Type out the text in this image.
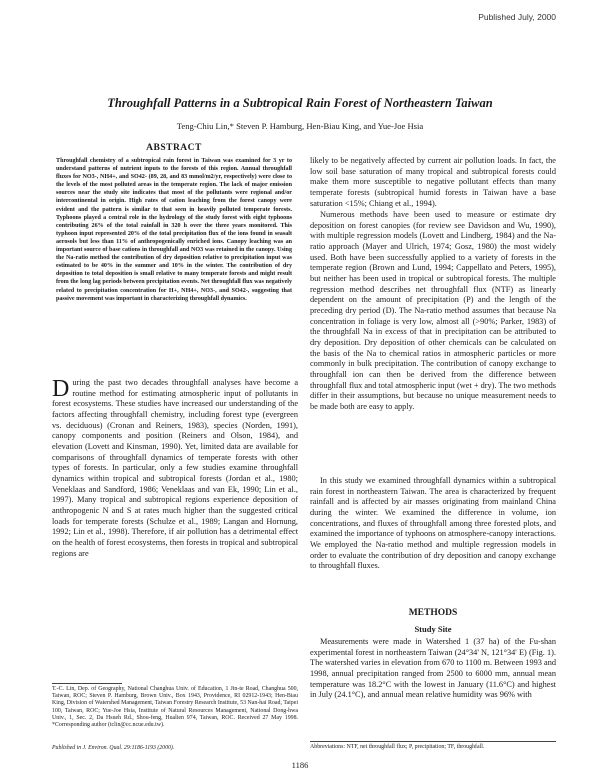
Published July, 2000
Throughfall Patterns in a Subtropical Rain Forest of Northeastern Taiwan
Teng-Chiu Lin,* Steven P. Hamburg, Hen-Biau King, and Yue-Joe Hsia
ABSTRACT

Throughfall chemistry of a subtropical rain forest in Taiwan was examined for 3 yr to understand patterns of nutrient inputs to the forests of this region. Annual throughfall fluxes for NO3-, NH4+, and SO42- (89, 28, and 83 mmol/m2/yr, respectively) were close to the levels of the most polluted areas in the temperate region. The lack of major emission sources near the study site indicates that most of the pollutants were regional and/or intercontinental in origin. High rates of cation leaching from the forest canopy were evident and the pattern is similar to that seen in heavily polluted temperate forests. Typhoons played a central role in the hydrology of the study forest with eight typhoons contributing 26% of the total rainfall in 320 h over the three years monitored. This typhoon input represented 20% of the total precipitation flux of the ions found in seasalt aerosols but less than 11% of anthropogenically enriched ions. Canopy leaching was an important source of base cations in throughfall and NO3 was retained in the canopy. Using the Na-ratio method the contribution of dry deposition relative to precipitation input was estimated to be 40% in the summer and 10% in the winter. The contribution of dry deposition to total deposition is small relative to many temperate forests and might result from the long lag periods between precipitation events. Net throughfall flux was negatively related to precipitation concentration for H+, NH4+, NO3-, and SO42-, suggesting that passive movement was important in characterizing throughfall dynamics.

During the past two decades throughfall analyses have become a routine method for estimating atmospheric input of pollutants in forest ecosystems. These studies have increased our understanding of the factors affecting throughfall chemistry, including forest type (evergreen vs. deciduous) (Cronan and Reiners, 1983), species (Norden, 1991), canopy components and position (Reiners and Olson, 1984), and elevation (Lovett and Kinsman, 1990). Yet, limited data are available for comparisons of throughfall dynamics of temperate forests with other types of forests. In particular, only a few studies examine throughfall dynamics within tropical and subtropical forests (Jordan et al., 1980; Veneklaas and Sandford, 1986; Veneklaas and van Ek, 1990; Lin et al., 1997). Many tropical and subtropical regions experience deposition of anthropogenic N and S at rates much higher than the suggested critical loads for temperate forests (Schulze et al., 1989; Langan and Hornung, 1992; Lin et al., 1998). Therefore, if air pollution has a detrimental effect on the health of forest ecosystems, then forests in tropical and subtropical regions are

T.-C. Lin, Dep. of Geography, National Changhua Univ. of Education, 1 Jin-te Road, Changhua 500, Taiwan, ROC; Steven P. Hamburg, Brown Univ., Box 1943, Providence, RI 02912-1943; Hen-Biau King, Division of Watershed Management, Taiwan Forestry Research Institute, 53 Nan-hai Road, Taipei 100, Taiwan, ROC; Yue-Joe Hsia, Institute of Natural Resources Management, National Dong-hwa Univ., 1, Sec. 2, Da Hsueh Rd., Shou-feng, Hualien 974, Taiwan, ROC. Received 27 May 1998. *Corresponding author (tclin@cc.ncue.edu.tw).

Published in J. Environ. Qual. 29:1186-1193 (2000).

likely to be negatively affected by current air pollution loads. In fact, the low soil base saturation of many tropical and subtropical forests could make them more susceptible to negative pollutant effects than many temperate forests (subtropical humid forests in Taiwan have a base saturation <15%; Chiang et al., 1994).

Numerous methods have been used to measure or estimate dry deposition on forest canopies (for review see Davidson and Wu, 1990), with multiple regression models (Lovett and Lindberg, 1984) and the Na-ratio approach (Mayer and Ulrich, 1974; Gosz, 1980) the most widely used. Both have been successfully applied to a variety of forests in the temperate region (Brown and Lund, 1994; Cappellato and Peters, 1995), but neither has been used in tropical or subtropical forests. The multiple regression method describes net throughfall flux (NTF) as linearly dependent on the amount of precipitation (P) and the length of the preceding dry period (D). The Na-ratio method assumes that because Na concentration in foliage is very low, almost all (>90%; Parker, 1983) of the throughfall Na in excess of that in precipitation can be attributed to dry deposition. Dry deposition of other chemicals can be calculated on the basis of the Na to chemical ratios in atmospheric particles or more commonly in bulk precipitation. The contribution of canopy exchange to throughfall ion can then be derived from the difference between throughfall flux and total atmospheric input (wet + dry). The two methods differ in their assumptions, but because no unique measurement needs to be made both are easy to apply.

In this study we examined throughfall dynamics within a subtropical rain forest in northeastern Taiwan. The area is characterized by frequent rainfall and is affected by air masses originating from mainland China during the winter. We examined the difference in volume, ion concentrations, and fluxes of throughfall among three forested plots, and examined the importance of typhoons on atmosphere-canopy interactions. We employed the Na-ratio method and multiple regression models in order to evaluate the contribution of dry deposition and canopy exchange to throughfall fluxes.

METHODS
Study Site

Measurements were made in Watershed 1 (37 ha) of the Fu-shan experimental forest in northeastern Taiwan (24°34' N, 121°34' E) (Fig. 1). The watershed varies in elevation from 670 to 1100 m. Between 1993 and 1998, annual precipitation ranged from 2500 to 6000 mm, annual mean temperature was 18.2°C with the lowest in January (11.6°C) and highest in July (24.1°C), and annual mean relative humidity was 96% with

Abbreviations: NTF, net throughfall flux; P, precipitation; TF, throughfall.

1186
